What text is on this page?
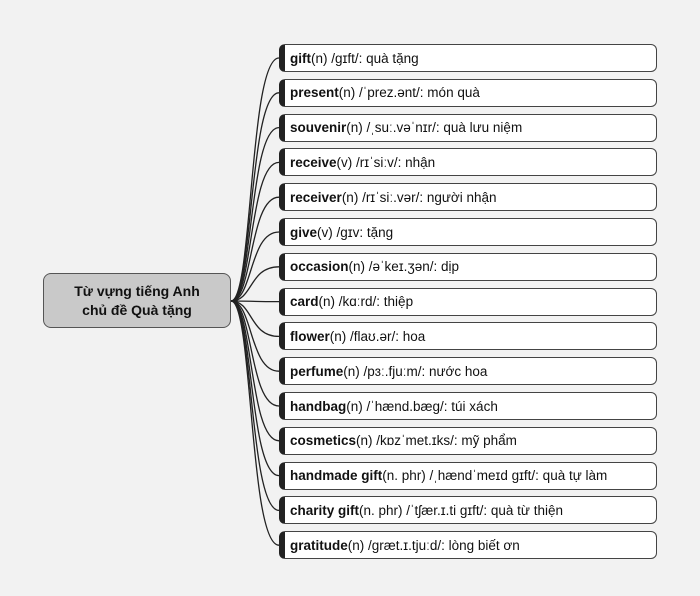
Từ vựng tiếng Anh
chủ đề Quà tặng
gift (n) /ɡɪft/: quà tặng
present (n) /ˈprez.ənt/: món quà
souvenir (n) /ˌsuː.vəˈnɪr/: quà lưu niệm
receive (v) /rɪˈsiːv/: nhận
receiver (n) /rɪˈsiː.vər/: người nhận
give (v) /ɡɪv: tặng
occasion (n) /əˈkeɪ.ʒən/: dịp
card (n) /kɑːrd/: thiệp
flower (n) /flaʊ.ər/: hoa
perfume (n) /pɜː.fjuːm/: nước hoa
handbag (n) /ˈhænd.bæɡ/: túi xách
cosmetics (n) /kɒzˈmet.ɪks/: mỹ phẩm
handmade gift (n. phr) /ˌhændˈmeɪd ɡɪft/: quà tự làm
charity gift (n. phr) /ˈtʃær.ɪ.ti ɡɪft/: quà từ thiện
gratitude (n) /ɡræt.ɪ.tjuːd/: lòng biết ơn
